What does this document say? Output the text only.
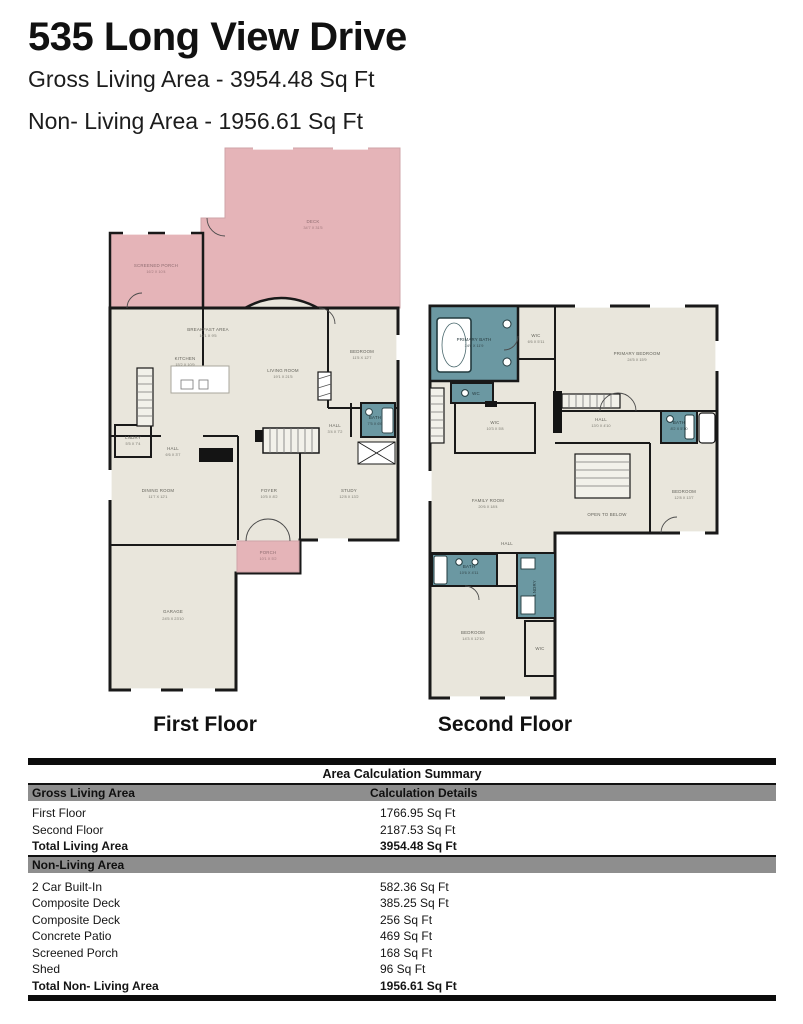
535 Long View Drive
Gross Living Area - 3954.48 Sq Ft
Non- Living Area - 1956.61 Sq Ft
DECK
34'7 X 31'5
SCREENED PORCH
16'2 X 10'4
BREAKFAST AREA
10'1 X 9'5
KITCHEN
15'2 X 10'9
LIVING ROOM
19'1 X 21'5
BEDROOM
11'5 X 12'7
BATH
7'5 X 6'6
HALL
3'4 X 7'2
LNDRY
5'5 X 7'4
HALL
6'6 X 3'7
DINING ROOM
11'7 X 12'1
FOYER
10'5 X 8'2
STUDY
12'8 X 13'2
PORCH
10'1 X 5'2
GARAGE
24'5 X 23'10
PRIMARY BATH
14'6 X 11'9
WIC
6'6 X 5'11
PRIMARY BEDROOM
24'5 X 15'9
WC
WIC
10'3 X 5'8
HALL
13'0 X 4'10
BATH
8'2 X 5'10
FAMILY ROOM
20'6 X 18'4
OPEN TO BELOW
BEDROOM
12'8 X 13'7
BATH
10'6 X 4'11
HALL
LNDRY
BEDROOM
14'3 X 12'10
WIC
First Floor	Second Floor
Area Calculation Summary
Gross Living Area	Calculation Details
First Floor	1766.95 Sq Ft
Second Floor	2187.53 Sq Ft
Total Living Area	3954.48 Sq Ft
Non-Living Area
2 Car Built-In	582.36 Sq Ft
Composite Deck	385.25 Sq Ft
Composite Deck	256 Sq Ft
Concrete Patio	469 Sq Ft
Screened Porch	168 Sq Ft
Shed	96 Sq Ft
Total Non- Living Area	1956.61 Sq Ft
